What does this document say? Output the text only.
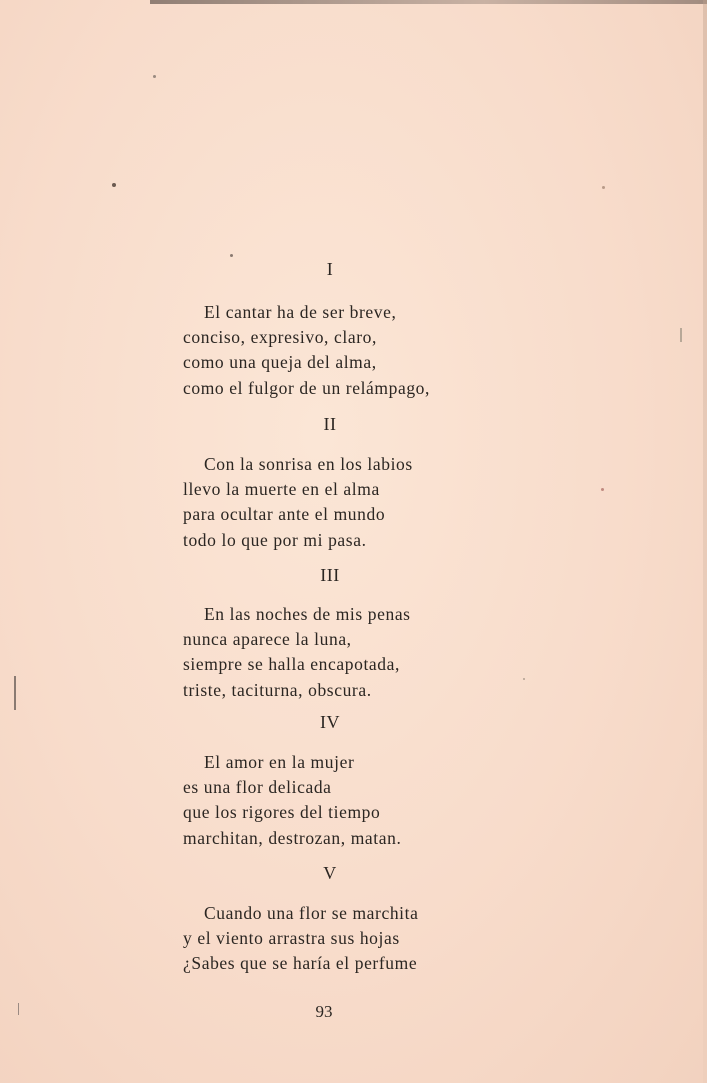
I
El cantar ha de ser breve,
conciso, expresivo, claro,
como una queja del alma,
como el fulgor de un relámpago,
II
Con la sonrisa en los labios
llevo la muerte en el alma
para ocultar ante el mundo
todo lo que por mi pasa.
III
En las noches de mis penas
nunca aparece la luna,
siempre se halla encapotada,
triste, taciturna, obscura.
IV
El amor en la mujer
es una flor delicada
que los rigores del tiempo
marchitan, destrozan, matan.
V
Cuando una flor se marchita
y el viento arrastra sus hojas
¿Sabes que se haría el perfume
93
